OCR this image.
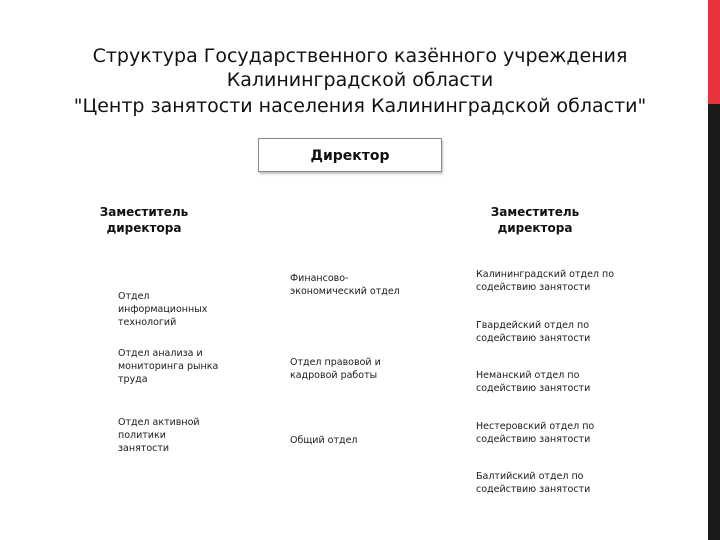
Структура Государственного казённого учреждения
Калининградской области
"Центр занятости населения Калининградской области"
Директор
Заместитель
директора
Заместитель
директора
Отдел
информационных
технологий
Отдел анализа и
мониторинга рынка
труда
Отдел активной
политики
занятости
Финансово-
экономический отдел
Отдел правовой и
кадровой работы
Общий отдел
Калининградский отдел по
содействию занятости
Гвардейский отдел по
содействию занятости
Неманский отдел по
содействию занятости
Нестеровский отдел по
содействию занятости
Балтийский отдел по
содействию занятости
